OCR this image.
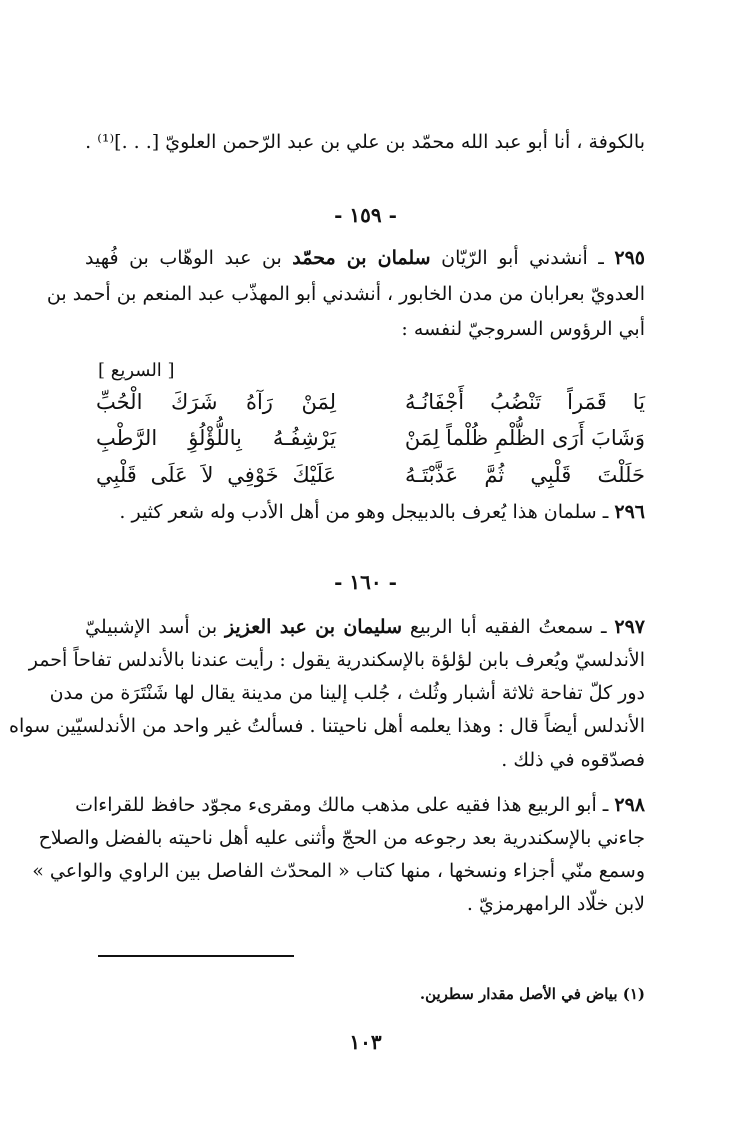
بالكوفة ، أنا أبو عبد الله محمّد بن علي بن عبد الرّحمن العلويّ [. . .]⁽¹⁾ .
- ١٥٩ -
٢٩٥ ـ أنشدني أبو الرّيّان سلمان بن محمّد بن عبد الوهّاب بن فُهيد
العدويّ بعرابان من مدن الخابور ، أنشدني أبو المهذّب عبد المنعم بن أحمد بن
أبي الرؤوس السروجيّ لنفسه :
[ السريع ]
يَا قَمَراً تَنْضُبُ أَجْفَانُـهُ
لِمَنْ رَآهُ شَرَكَ الْحُبِّ
وَشَابَ أَرَى الظُّلْمِ ظُلْماً لِمَنْ
يَرْشِفُـهُ بِاللُّؤْلُؤِ الرَّطْبِ
حَلَلْتَ قَلْبِي ثُمَّ عَذَّبْتَـهُ
عَلَيْكَ خَوْفِي لاَ عَلَى قَلْبِي
٢٩٦ ـ سلمان هذا يُعرف بالدبيجل وهو من أهل الأدب وله شعر كثير .
- ١٦٠ -
٢٩٧ ـ سمعتُ الفقيه أبا الربيع سليمان بن عبد العزيز بن أسد الإشبيليّ
الأندلسيّ ويُعرف بابن لؤلؤة بالإسكندرية يقول : رأيت عندنا بالأندلس تفاحاً أحمر
دور كلّ تفاحة ثلاثة أشبار وثُلث ، جُلب إلينا من مدينة يقال لها شَنْتَرَة من مدن
الأندلس أيضاً قال : وهذا يعلمه أهل ناحيتنا . فسألتُ غير واحد من الأندلسيّين سواه
فصدّقوه في ذلك .
٢٩٨ ـ أبو الربيع هذا فقيه على مذهب مالك ومقرىء مجوّد حافظ للقراءات
جاءني بالإسكندرية بعد رجوعه من الحجّ وأثنى عليه أهل ناحيته بالفضل والصلاح
وسمع منّي أجزاء ونسخها ، منها كتاب « المحدّث الفاصل بين الراوي والواعي »
لابن خلّاد الرامهرمزيّ .
(١) بياض في الأصل مقدار سطرين.
١٠٣
